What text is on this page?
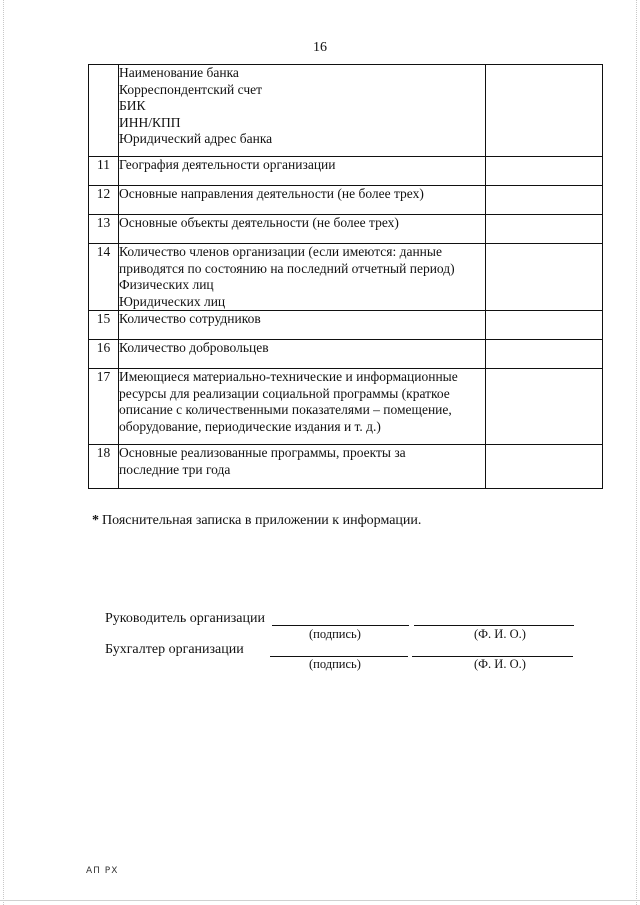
16

	Наименование банка
Корреспондентский счет
БИК
ИНН/КПП
Юридический адрес банка	

11	География деятельности организации	

12	Основные направления деятельности (не более трех)	

13	Основные объекты деятельности (не более трех)	

14	Количество членов организации (если имеются: данные
приводятся по состоянию на последний отчетный период)
Физических лиц
Юридических лиц	

15	Количество сотрудников	

16	Количество добровольцев	

17	Имеющиеся материально-технические и информационные
ресурсы для реализации социальной программы (краткое
описание с количественными показателями – помещение,
оборудование, периодические издания и т. д.)	

18	Основные реализованные программы, проекты за
последние три года	

* Пояснительная записка в приложении к информации.
Руководитель организации
(подпись)	(Ф. И. О.)
Бухгалтер организации
(подпись)	(Ф. И. О.)
АП РХ
